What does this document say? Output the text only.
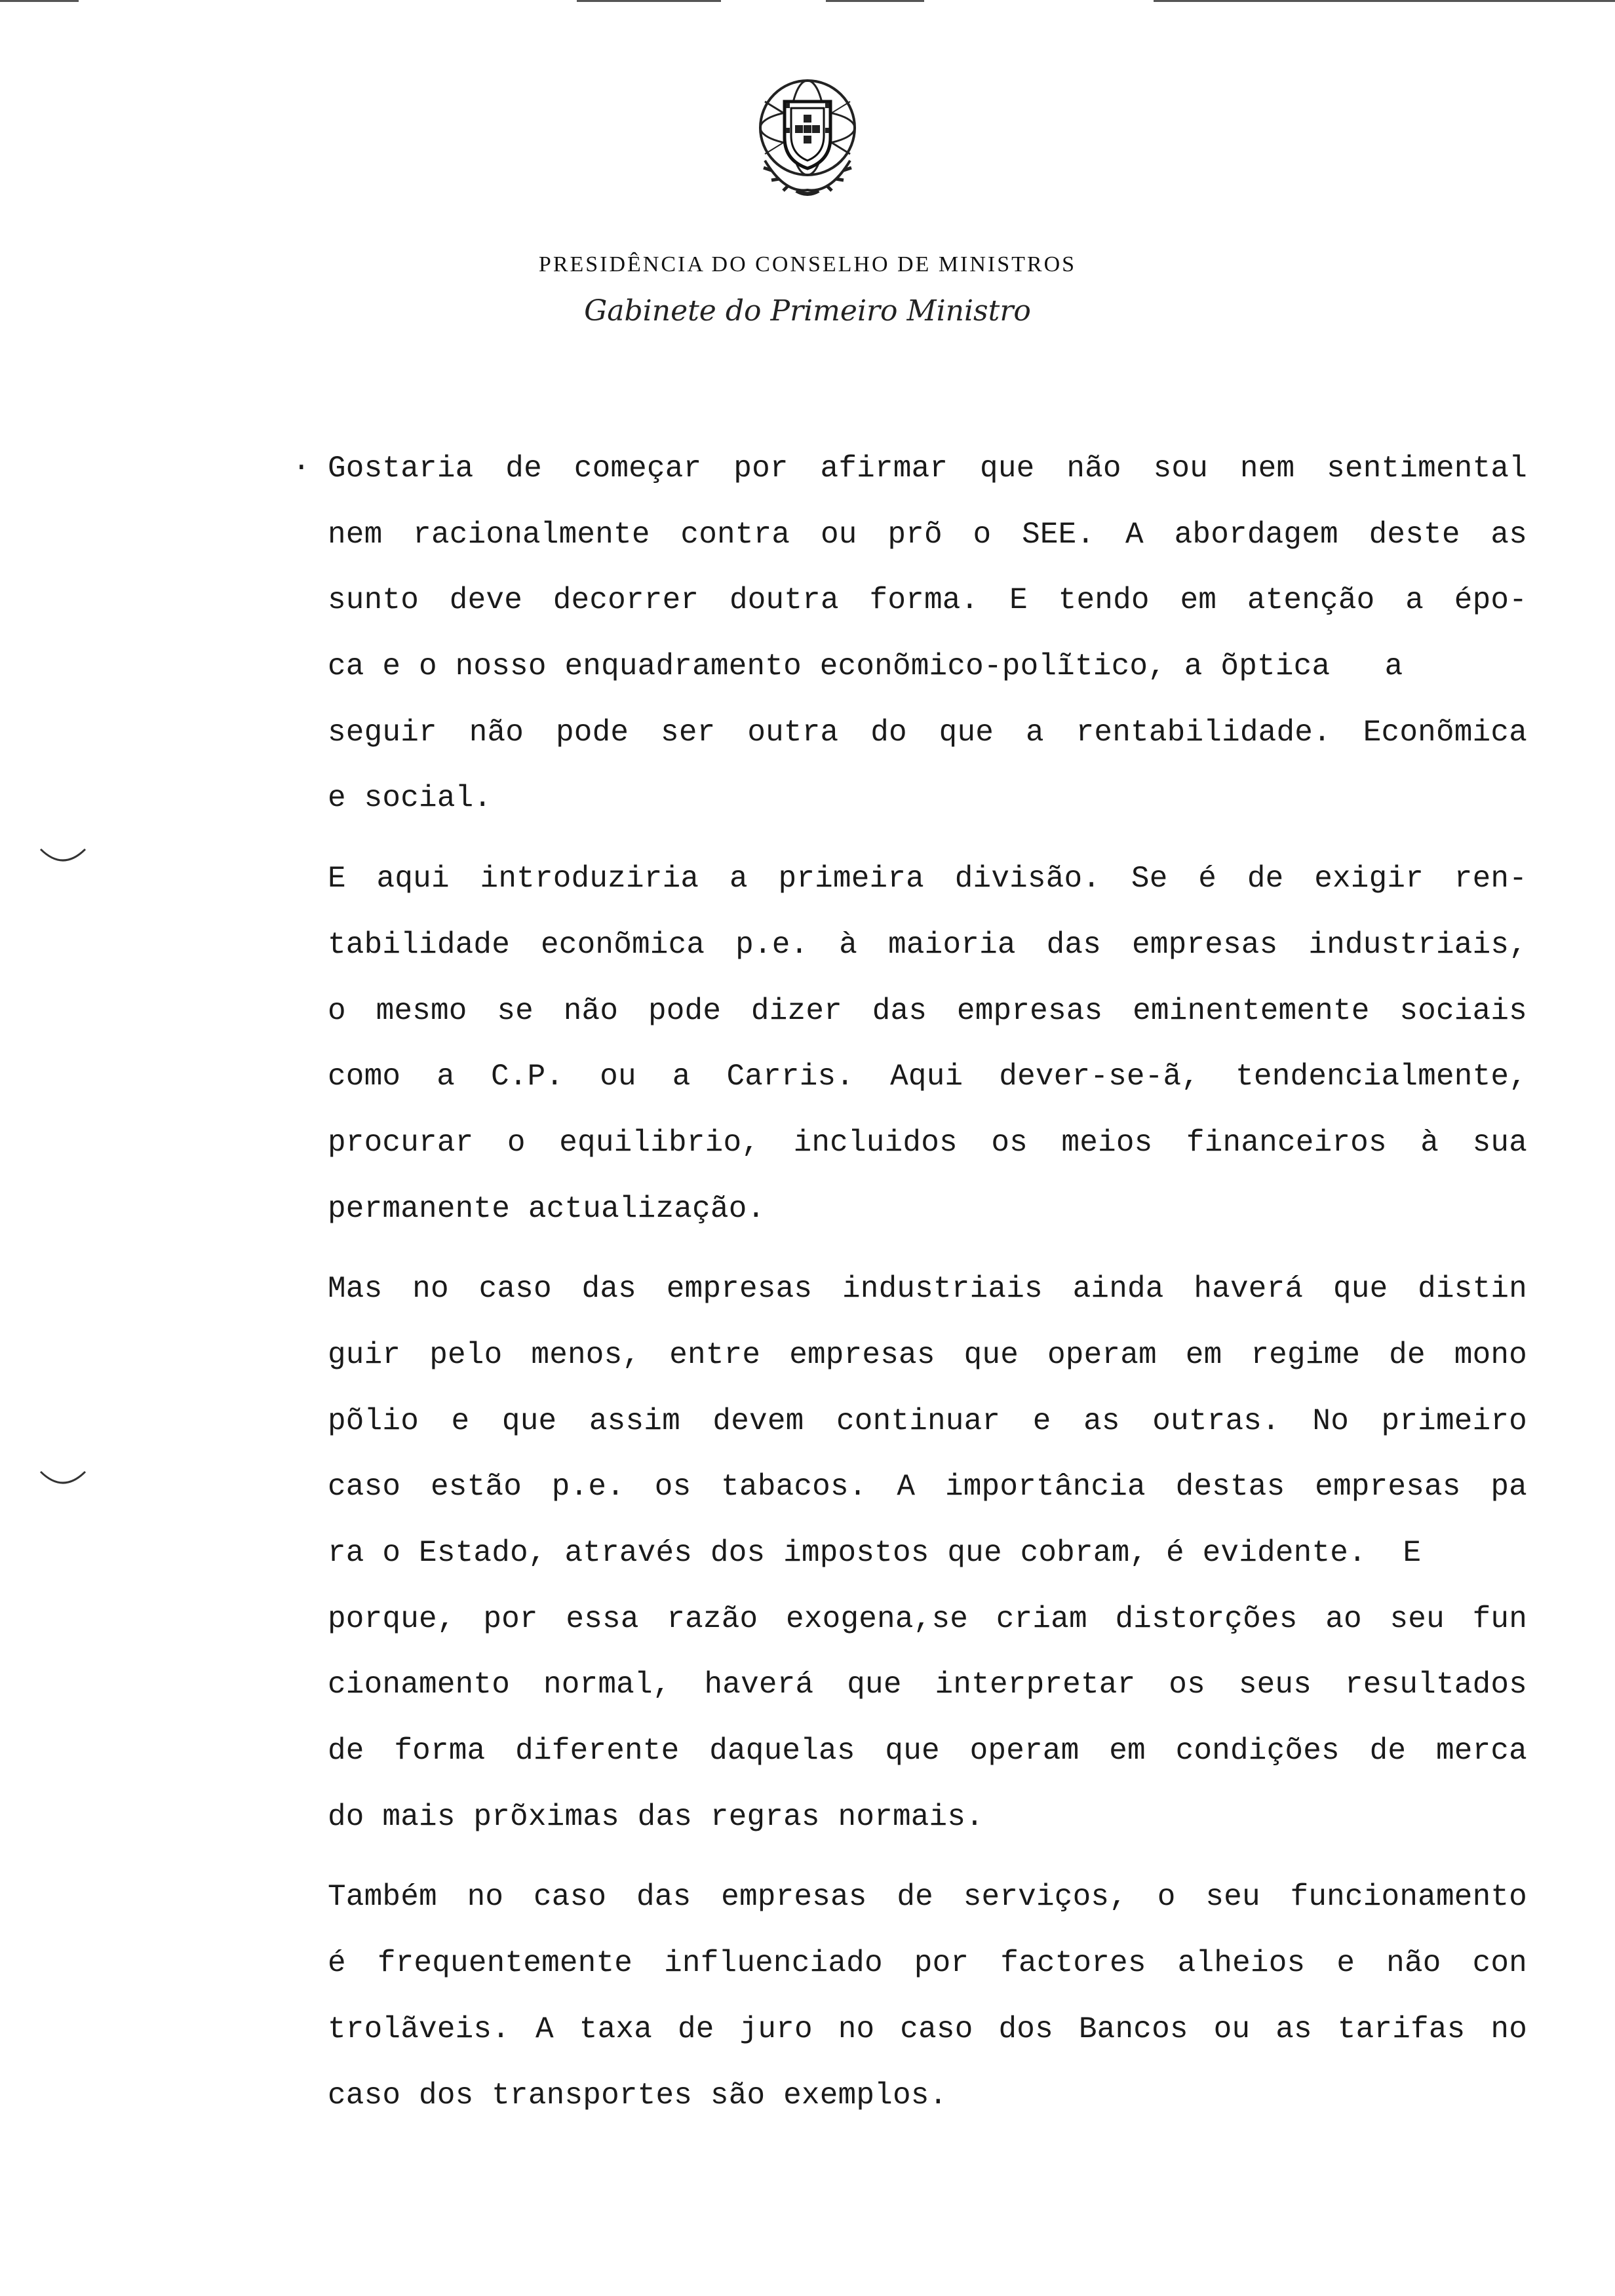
PRESIDÊNCIA DO CONSELHO DE MINISTROS
Gabinete do Primeiro Ministro
. Gostaria de começar por afirmar que não sou nem sentimental
nem racionalmente contra ou prõ o SEE. A abordagem deste as
sunto deve decorrer doutra forma. E tendo em atenção a épo-
ca e o nosso enquadramento econõmico-polĩtico, a õptica   a
seguir não pode ser outra do que a rentabilidade. Econõmica
e social.
E aqui introduziria a primeira divisão. Se é de exigir ren-
tabilidade econõmica p.e. à maioria das empresas industriais,
o mesmo se não pode dizer das empresas eminentemente sociais
como a C.P. ou a Carris. Aqui dever-se-ã, tendencialmente,
procurar o equilibrio, incluidos os meios financeiros à sua
permanente actualização.
Mas no caso das empresas industriais ainda haverá que distin
guir pelo menos, entre empresas que operam em regime de mono
põlio e que assim devem continuar e as outras. No primeiro
caso estão p.e. os tabacos. A importância destas empresas pa
ra o Estado, através dos impostos que cobram, é evidente.  E
porque, por essa razão exogena,se criam distorções ao seu fun
cionamento normal, haverá que interpretar os seus resultados
de forma diferente daquelas que operam em condições de merca
do mais prõximas das regras normais.
Também no caso das empresas de serviços, o seu funcionamento
é frequentemente influenciado por factores alheios e não con
trolãveis. A taxa de juro no caso dos Bancos ou as tarifas no
caso dos transportes são exemplos.
